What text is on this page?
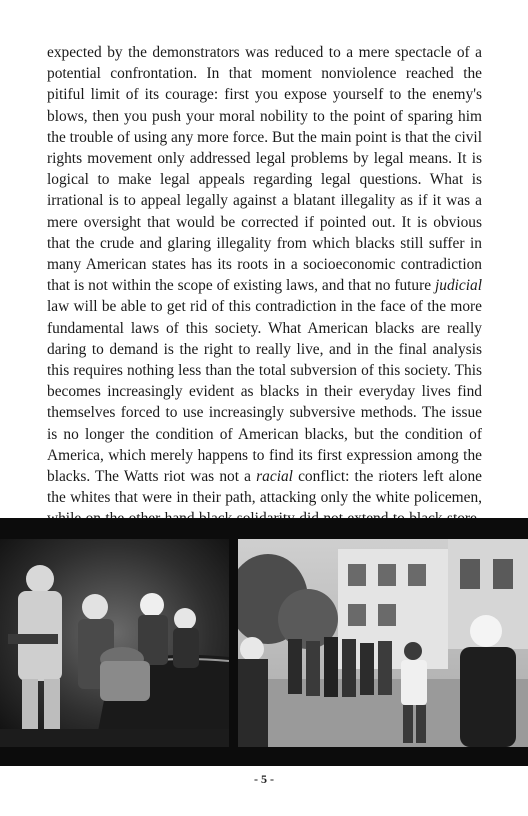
expected by the demonstrators was reduced to a mere spectacle of a potential confrontation. In that moment nonviolence reached the pitiful limit of its courage: first you expose yourself to the enemy's blows, then you push your moral nobility to the point of sparing him the trouble of using any more force. But the main point is that the civil rights movement only addressed legal problems by legal means. It is logical to make legal appeals regarding legal questions. What is irrational is to appeal legally against a blatant illegality as if it was a mere oversight that would be corrected if pointed out. It is obvious that the crude and glaring illegality from which blacks still suffer in many American states has its roots in a socioeconomic contradiction that is not within the scope of existing laws, and that no future judicial law will be able to get rid of this contradiction in the face of the more fundamental laws of this society. What American blacks are really daring to demand is the right to really live, and in the final analysis this requires nothing less than the total subversion of this society. This becomes increasingly evident as blacks in their everyday lives find themselves forced to use increasingly subversive methods. The issue is no longer the condition of American blacks, but the condition of America, which merely happens to find its first expression among the blacks. The Watts riot was not a racial conflict: the rioters left alone the whites that were in their path, attacking only the white policemen,

- 5 -
